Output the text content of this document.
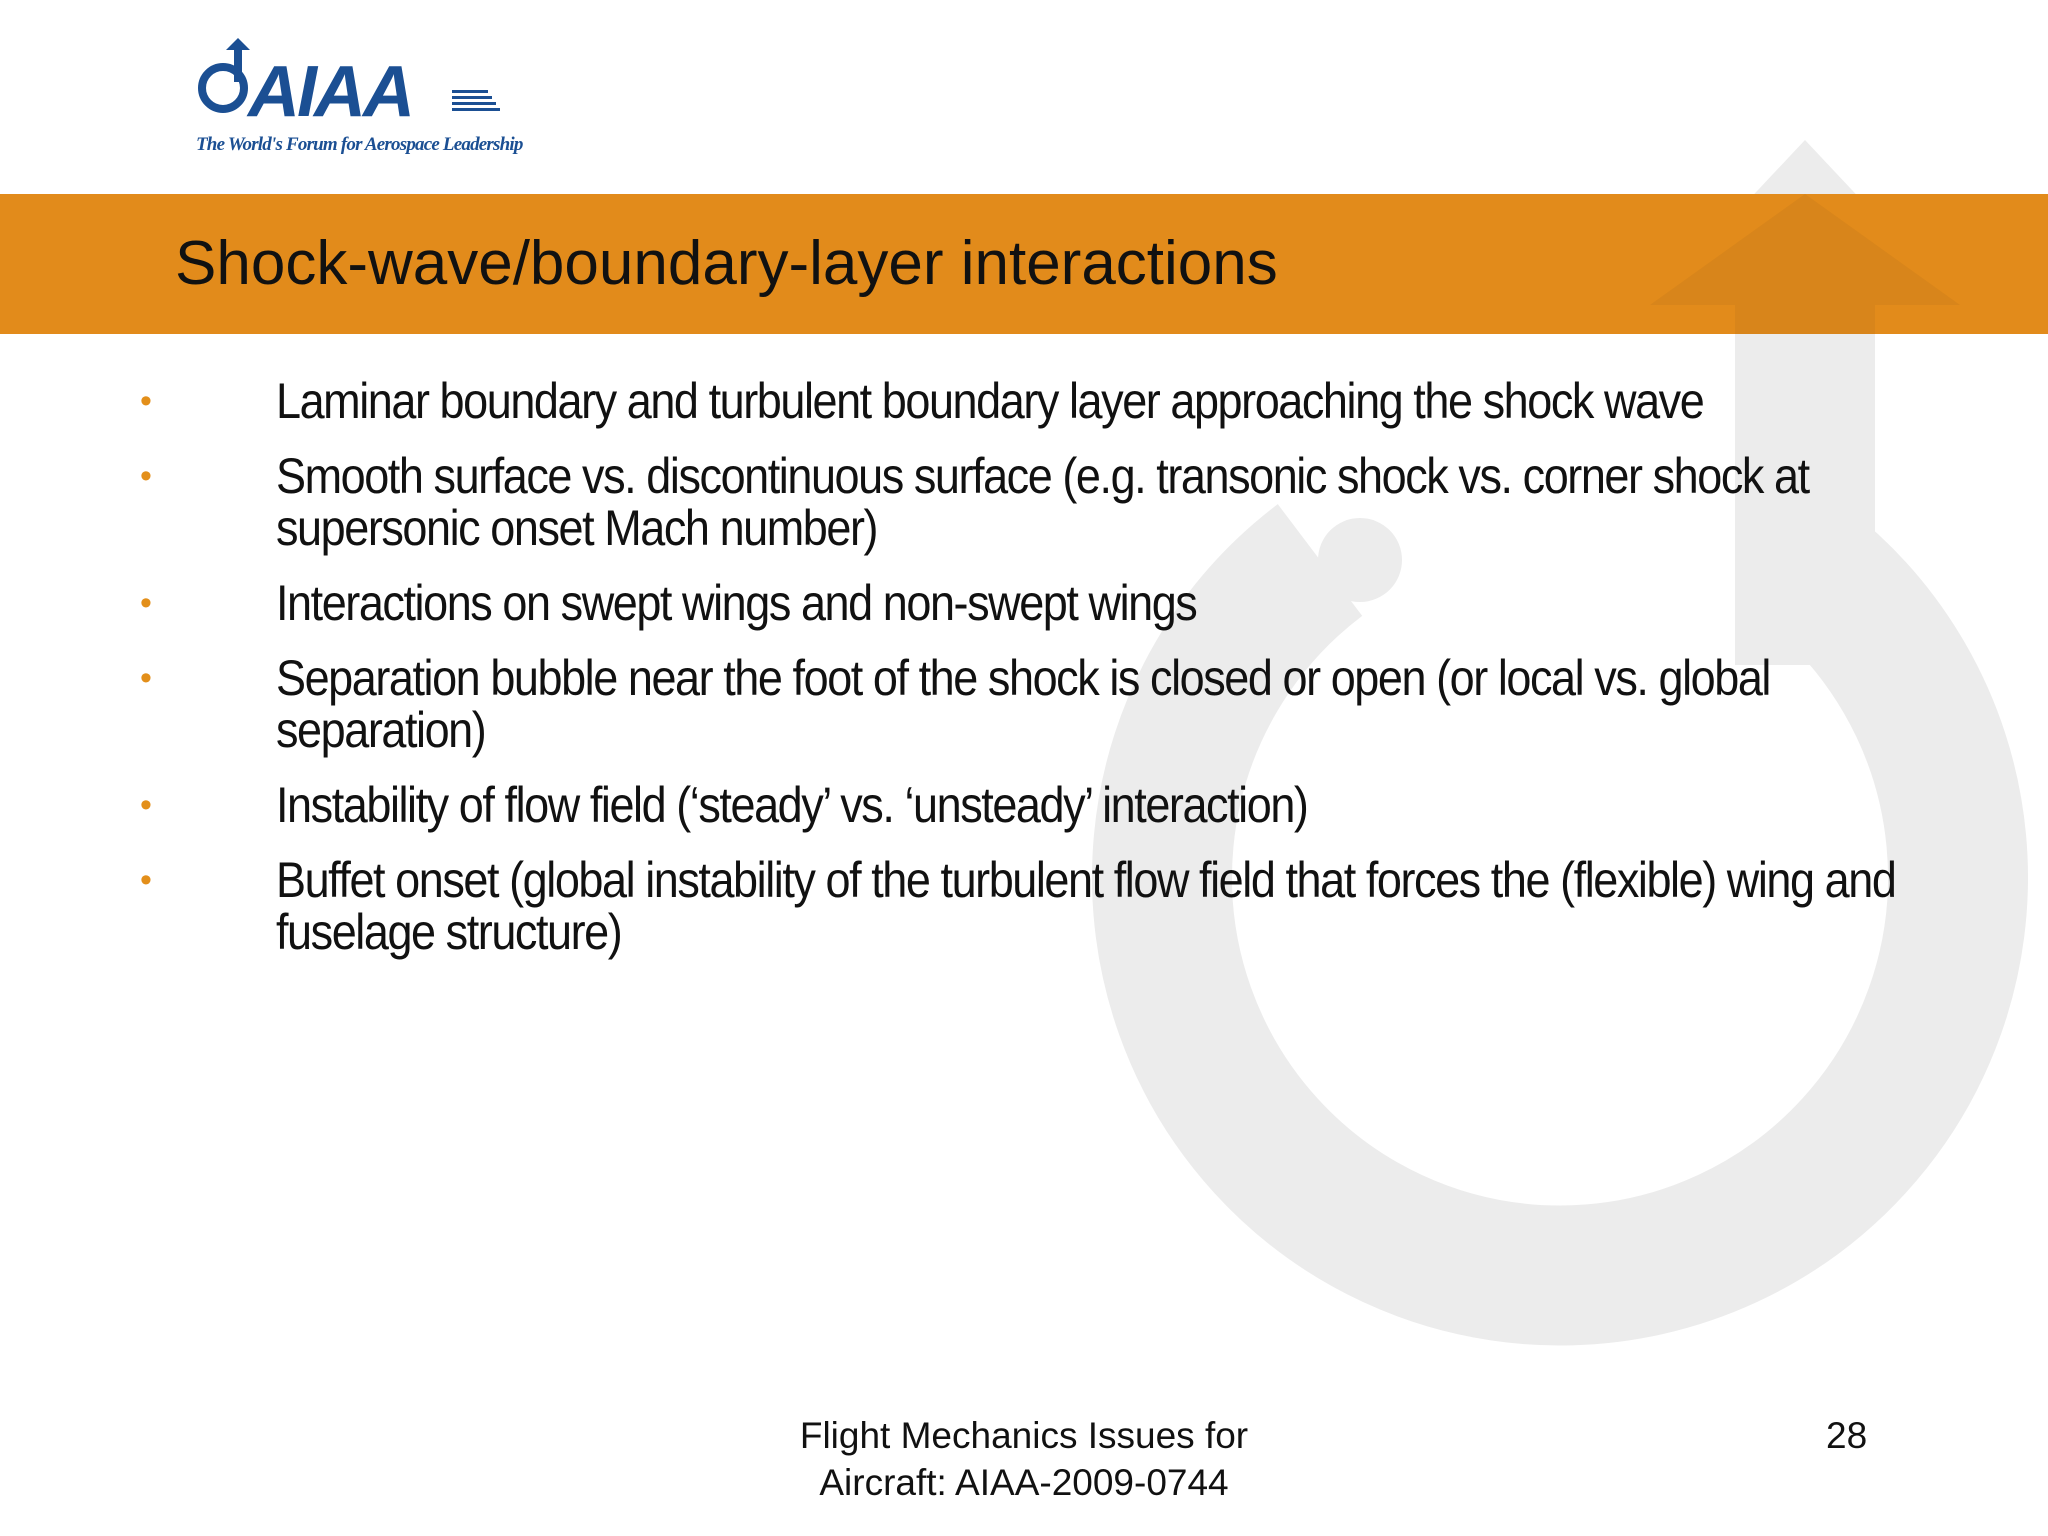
AIAA
The World's Forum for Aerospace Leadership
Shock-wave/boundary-layer interactions
• Laminar boundary and turbulent boundary layer approaching the shock wave
• Smooth surface vs. discontinuous surface (e.g. transonic shock vs. corner shock at supersonic onset Mach number)
• Interactions on swept wings and non-swept wings
• Separation bubble near the foot of the shock is closed or open (or local vs. global separation)
• Instability of flow field (‘steady’ vs. ‘unsteady’ interaction)
• Buffet onset (global instability of the turbulent flow field that forces the (flexible) wing and fuselage structure)
Flight Mechanics Issues for
Aircraft: AIAA-2009-0744
28
